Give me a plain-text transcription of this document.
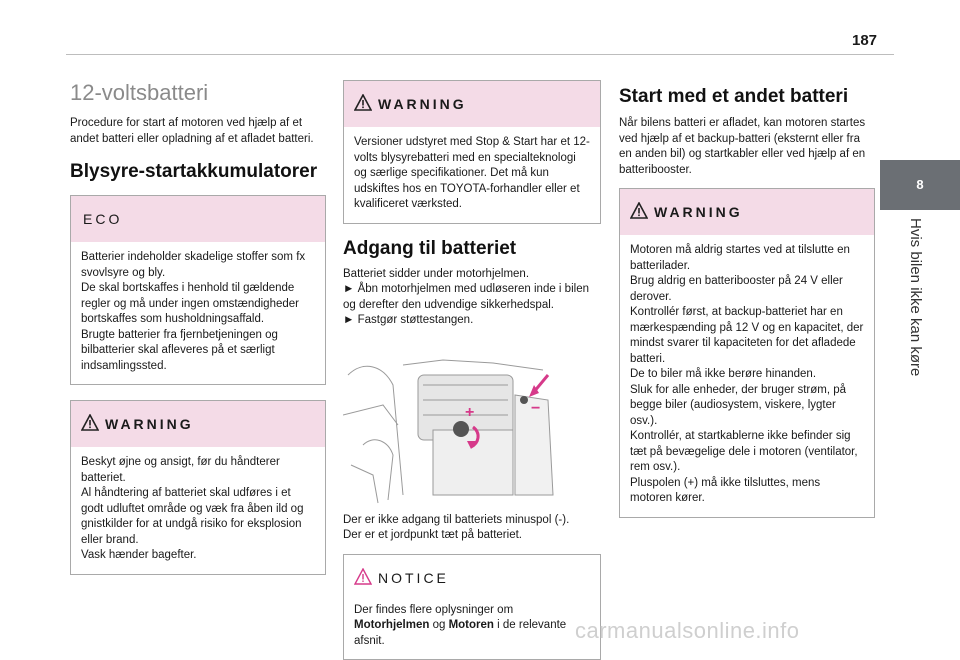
187
8
Hvis bilen ikke kan køre
12-voltsbatteri

Procedure for start af motoren ved hjælp af et andet batteri eller opladning af et afladet batteri.

Blysyre-startakkumulatorer
ECO

Batterier indeholder skadelige stoffer som fx svovlsyre og bly.

De skal bortskaffes i henhold til gældende regler og må under ingen omstændigheder bortskaffes som husholdningsaffald.

Brugte batterier fra fjernbetjeningen og bilbatterier skal afleveres på et særligt indsamlingssted.

WARNING

Beskyt øjne og ansigt, før du håndterer batteriet.

Al håndtering af batteriet skal udføres i et godt udluftet område og væk fra åben ild og gnistkilder for at undgå risiko for eksplosion eller brand.

Vask hænder bagefter.

WARNING

Versioner udstyret med Stop & Start har et 12-volts blysyrebatteri med en specialteknologi og særlige specifikationer. Det må kun udskiftes hos en TOYOTA-forhandler eller et kvalificeret værksted.

Adgang til batteriet

Batteriet sidder under motorhjelmen.

► Åbn motorhjelmen med udløseren inde i bilen og derefter den udvendige sikkerhedspal.

► Fastgør støttestangen.

+	−

Der er ikke adgang til batteriets minuspol (-).

Der er et jordpunkt tæt på batteriet.

NOTICE

Der findes flere oplysninger om Motorhjelmen og Motoren i de relevante afsnit.

Start med et andet batteri

Når bilens batteri er afladet, kan motoren startes ved hjælp af et backup-batteri (eksternt eller fra en anden bil) og startkabler eller ved hjælp af en batteribooster.

WARNING

Motoren må aldrig startes ved at tilslutte en batterilader.

Brug aldrig en batteribooster på 24 V eller derover.

Kontrollér først, at backup-batteriet har en mærkespænding på 12 V og en kapacitet, der mindst svarer til kapaciteten for det afladede batteri.

De to biler må ikke berøre hinanden.

Sluk for alle enheder, der bruger strøm, på begge biler (audiosystem, viskere, lygter osv.).

Kontrollér, at startkablerne ikke befinder sig tæt på bevægelige dele i motoren (ventilator, rem osv.).

Pluspolen (+) må ikke tilsluttes, mens motoren kører.

carmanualsonline.info
